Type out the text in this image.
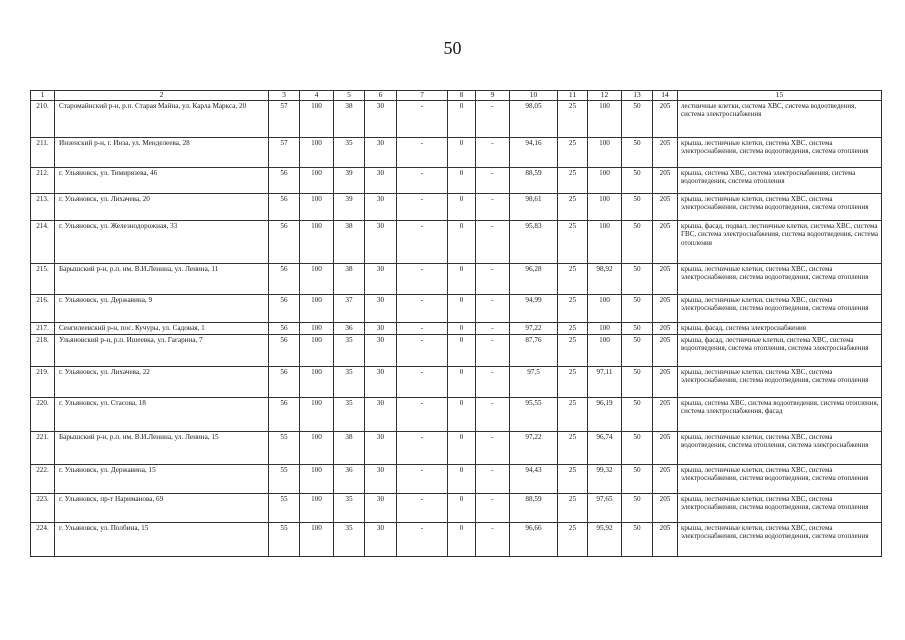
50
1	2	3	4	5	6	7	8	9	10	11	12	13	14	15
210.	Старомайнский р-н, р.п. Старая Майна, ул. Карла Маркса, 20	57	100	38	30	-	0	-	98,05	25	100	50	205	лестничные клетки, система ХВС, система водоотведения, система электроснабжения
211.	Инзенский р-н, г. Инза, ул. Менделеева, 28	57	100	35	30	-	0	-	94,16	25	100	50	205	крыша, лестничные клетки, система ХВС, система электроснабжения, система водоотведения, система отопления
212.	г. Ульяновск, ул. Тимирязева, 46	56	100	39	30	-	0	-	88,59	25	100	50	205	крыша, система ХВС, система электроснабжения, система водоотведения, система отопления
213.	г. Ульяновск, ул. Лихачева, 20	56	100	39	30	-	0	-	98,61	25	100	50	205	крыша, лестничные клетки, система ХВС, система электроснабжения, система водоотведения, система отопления
214.	г. Ульяновск, ул. Железнодорожная, 33	56	100	38	30	-	0	-	95,83	25	100	50	205	крыша, фасад, подвал, лестничные клетки, система ХВС, система ГВС, система электроснабжения, система водоотведения, система отопления
215.	Барышский р-н, р.п. им. В.И.Ленина, ул. Ленина, 11	56	100	38	30	-	0	-	96,28	25	98,92	50	205	крыша, лестничные клетки, система ХВС, система электроснабжения, система водоотведения, система отопления
216.	г. Ульяновск, ул. Державина, 9	56	100	37	30	-	0	-	94,99	25	100	50	205	крыша, лестничные клетки, система ХВС, система электроснабжения, система водоотведения, система отопления
217.	Сенгилеевский р-н, пос. Кучуры, ул. Садовая, 1	56	100	36	30	-	0	-	97,22	25	100	50	205	крыша, фасад, система электроснабжения
218.	Ульяновский р-н, р.п. Ишеевка, ул. Гагарина, 7	56	100	35	30	-	0	-	87,76	25	100	50	205	крыша, фасад, лестничные клетки, система ХВС, система водоотведения, система отопления, система электроснабжения
219.	г. Ульяновск, ул. Лихачева, 22	56	100	35	30	-	0	-	97,5	25	97,11	50	205	крыша, лестничные клетки, система ХВС, система электроснабжения, система водоотведения, система отопления
220.	г. Ульяновск, ул. Стасова, 18	56	100	35	30	-	0	-	95,55	25	96,19	50	205	крыша, система ХВС, система водоотведения, система отопления, система электроснабжения, фасад
221.	Барышский р-н, р.п. им. В.И.Ленина, ул. Ленина, 15	55	100	38	30	-	0	-	97,22	25	96,74	50	205	крыша, лестничные клетки, система ХВС, система водоотведения, система отопления, система электроснабжения
222.	г. Ульяновск, ул. Державина, 15	55	100	36	30	-	0	-	94,43	25	99,32	50	205	крыша, лестничные клетки, система ХВС, система электроснабжения, система водоотведения, система отопления
223.	г. Ульяновск, пр-т Нариманова, 69	55	100	35	30	-	0	-	88,59	25	97,65	50	205	крыша, лестничные клетки, система ХВС, система электроснабжения, система водоотведения, система отопления
224.	г. Ульяновск, ул. Полбина, 15	55	100	35	30	-	0	-	96,66	25	95,92	50	205	крыша, лестничные клетки, система ХВС, система электроснабжения, система водоотведения, система отопления
